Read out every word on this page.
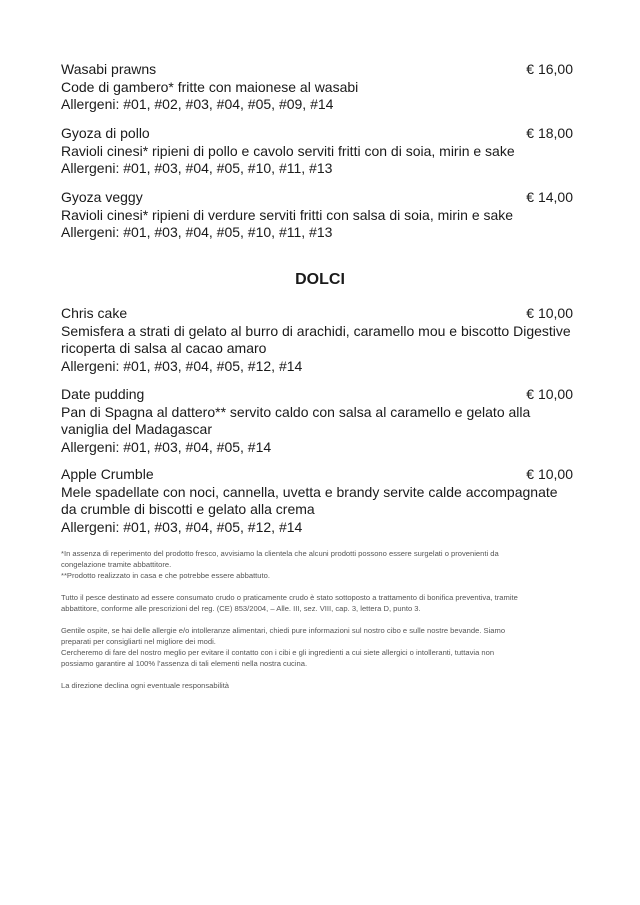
Wasabi prawns	€ 16,00
Code di gambero* fritte con maionese al wasabi
Allergeni: #01, #02, #03, #04, #05, #09, #14
Gyoza di pollo	€ 18,00
Ravioli cinesi* ripieni di pollo e cavolo serviti fritti con di soia, mirin e sake
Allergeni: #01, #03, #04, #05, #10, #11, #13
Gyoza veggy	€ 14,00
Ravioli cinesi* ripieni di verdure serviti fritti con salsa di soia, mirin e sake
Allergeni: #01, #03, #04, #05, #10, #11, #13
DOLCI
Chris cake	€ 10,00
Semisfera a strati di gelato al burro di arachidi, caramello mou e biscotto Digestive
ricoperta di salsa al cacao amaro
Allergeni: #01, #03, #04, #05, #12, #14
Date pudding	€ 10,00
Pan di Spagna al dattero** servito caldo con salsa al caramello e gelato alla
vaniglia del Madagascar
Allergeni: #01, #03, #04, #05, #14
Apple Crumble	€ 10,00
Mele spadellate con noci, cannella, uvetta e brandy servite calde accompagnate
da crumble di biscotti e gelato alla crema
Allergeni: #01, #03, #04, #05, #12, #14

*In assenza di reperimento del prodotto fresco, avvisiamo la clientela che alcuni prodotti possono essere surgelati o provenienti da

congelazione tramite abbattitore.

**Prodotto realizzato in casa e che potrebbe essere abbattuto.

Tutto il pesce destinato ad essere consumato crudo o praticamente crudo è stato sottoposto a trattamento di bonifica preventiva, tramite

abbattitore, conforme alle prescrizioni del reg. (CE) 853/2004, – Alle. III, sez. VIII, cap. 3, lettera D, punto 3.

Gentile ospite, se hai delle allergie e/o intolleranze alimentari, chiedi pure informazioni sul nostro cibo e sulle nostre bevande. Siamo

preparati per consigliarti nel migliore dei modi.

Cercheremo di fare del nostro meglio per evitare il contatto con i cibi e gli ingredienti a cui siete allergici o intolleranti, tuttavia non

possiamo garantire al 100% l’assenza di tali elementi nella nostra cucina.

La direzione declina ogni eventuale responsabilità
